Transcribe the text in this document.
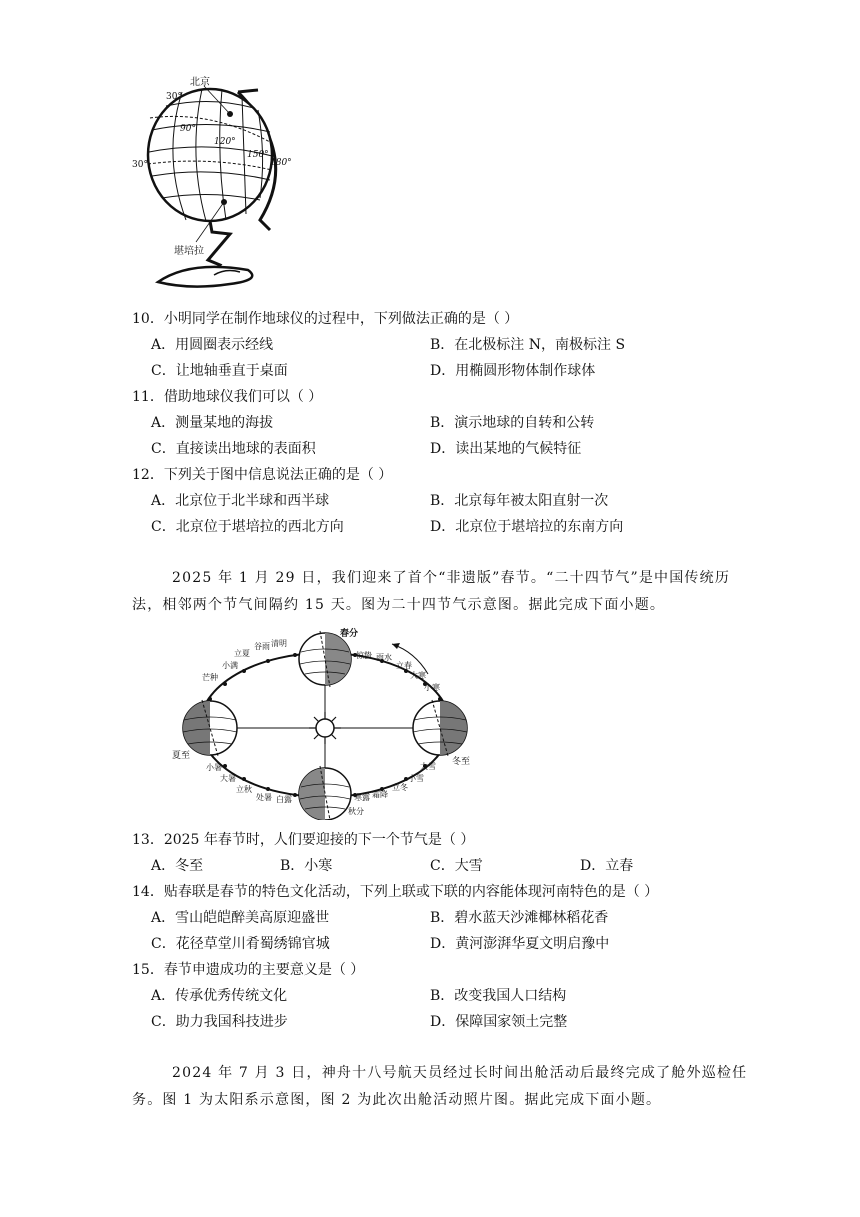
北京
30°
90°
120°
150°
180°
30°
堪培拉
10．小明同学在制作地球仪的过程中，下列做法正确的是（ ）
A．用圆圈表示经线	B．在北极标注 N，南极标注 S
C．让地轴垂直于桌面	D．用椭圆形物体制作球体
11．借助地球仪我们可以（ ）
A．测量某地的海拔	B．演示地球的自转和公转
C．直接读出地球的表面积	D．读出某地的气候特征
12．下列关于图中信息说法正确的是（ ）
A．北京位于北半球和西半球	B．北京每年被太阳直射一次
C．北京位于堪培拉的西北方向	D．北京位于堪培拉的东南方向
2025 年 1 月 29 日，我们迎来了首个“非遗版”春节。“二十四节气”是中国传统历
法，相邻两个节气间隔约 15 天。图为二十四节气示意图。据此完成下面小题。
春分
清明
谷雨
立夏
小满
芒种
夏至
小暑
大暑
立秋
处暑 白露
秋分
寒露 霜降
立冬
小雪
大雪 冬至
小寒
大寒
立春
雨水
惊蛰
13．2025 年春节时，人们要迎接的下一个节气是（ ）
A．冬至	B．小寒	C．大雪	D．立春
14．贴春联是春节的特色文化活动，下列上联或下联的内容能体现河南特色的是（ ）
A．雪山皑皑醉美高原迎盛世	B．碧水蓝天沙滩椰林稻花香
C．花径草堂川肴蜀绣锦官城	D．黄河澎湃华夏文明启豫中
15．春节申遗成功的主要意义是（ ）
A．传承优秀传统文化	B．改变我国人口结构
C．助力我国科技进步	D．保障国家领土完整
2024 年 7 月 3 日，神舟十八号航天员经过长时间出舱活动后最终完成了舱外巡检任
务。图 1 为太阳系示意图，图 2 为此次出舱活动照片图。据此完成下面小题。
